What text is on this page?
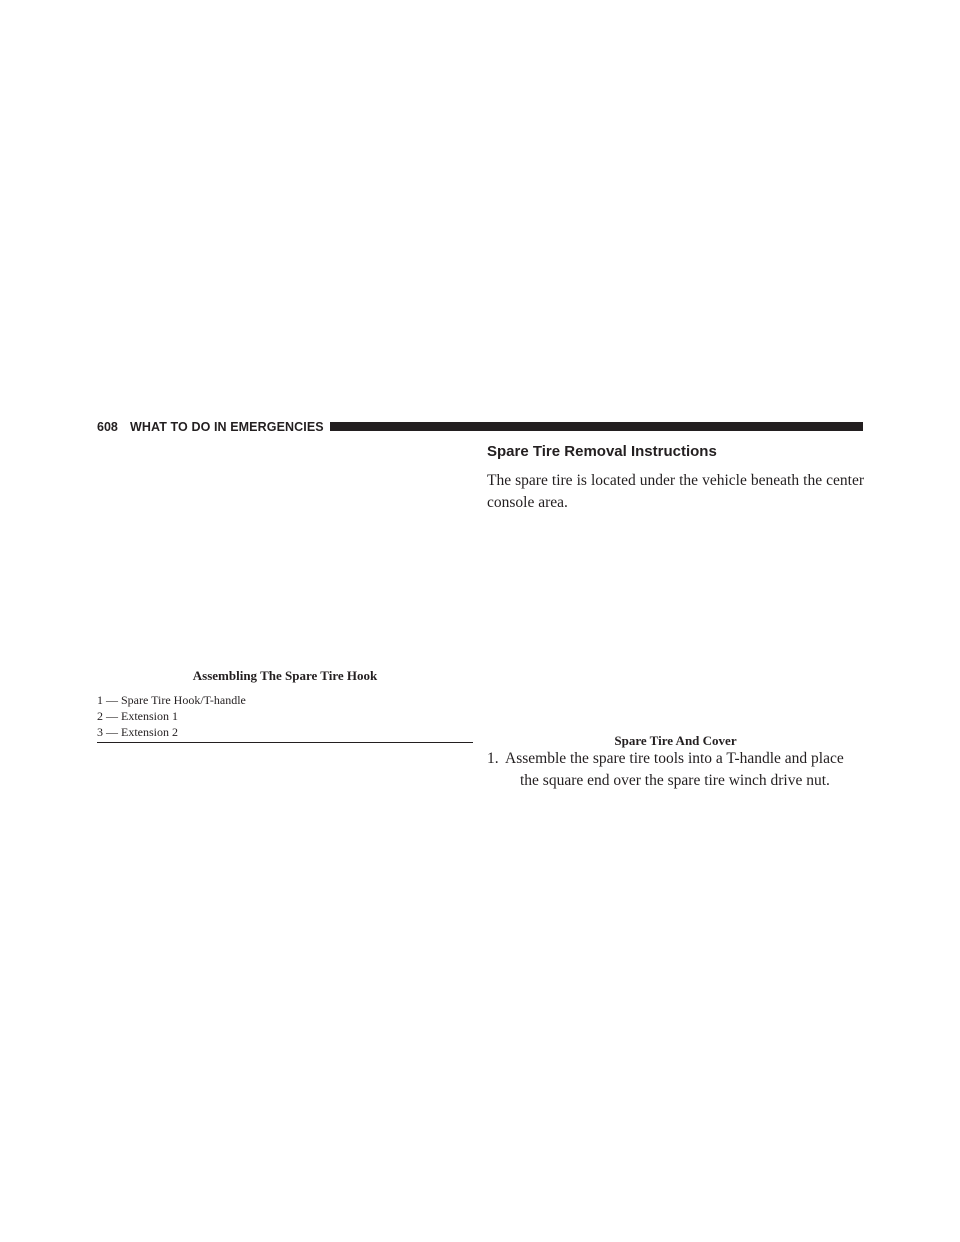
608 WHAT TO DO IN EMERGENCIES
Assembling The Spare Tire Hook
1 — Spare Tire Hook/T-handle
2 — Extension 1
3 — Extension 2
Spare Tire Removal Instructions
The spare tire is located under the vehicle beneath the center console area.
Spare Tire And Cover
1. Assemble the spare tire tools into a T-handle and place the square end over the spare tire winch drive nut.
